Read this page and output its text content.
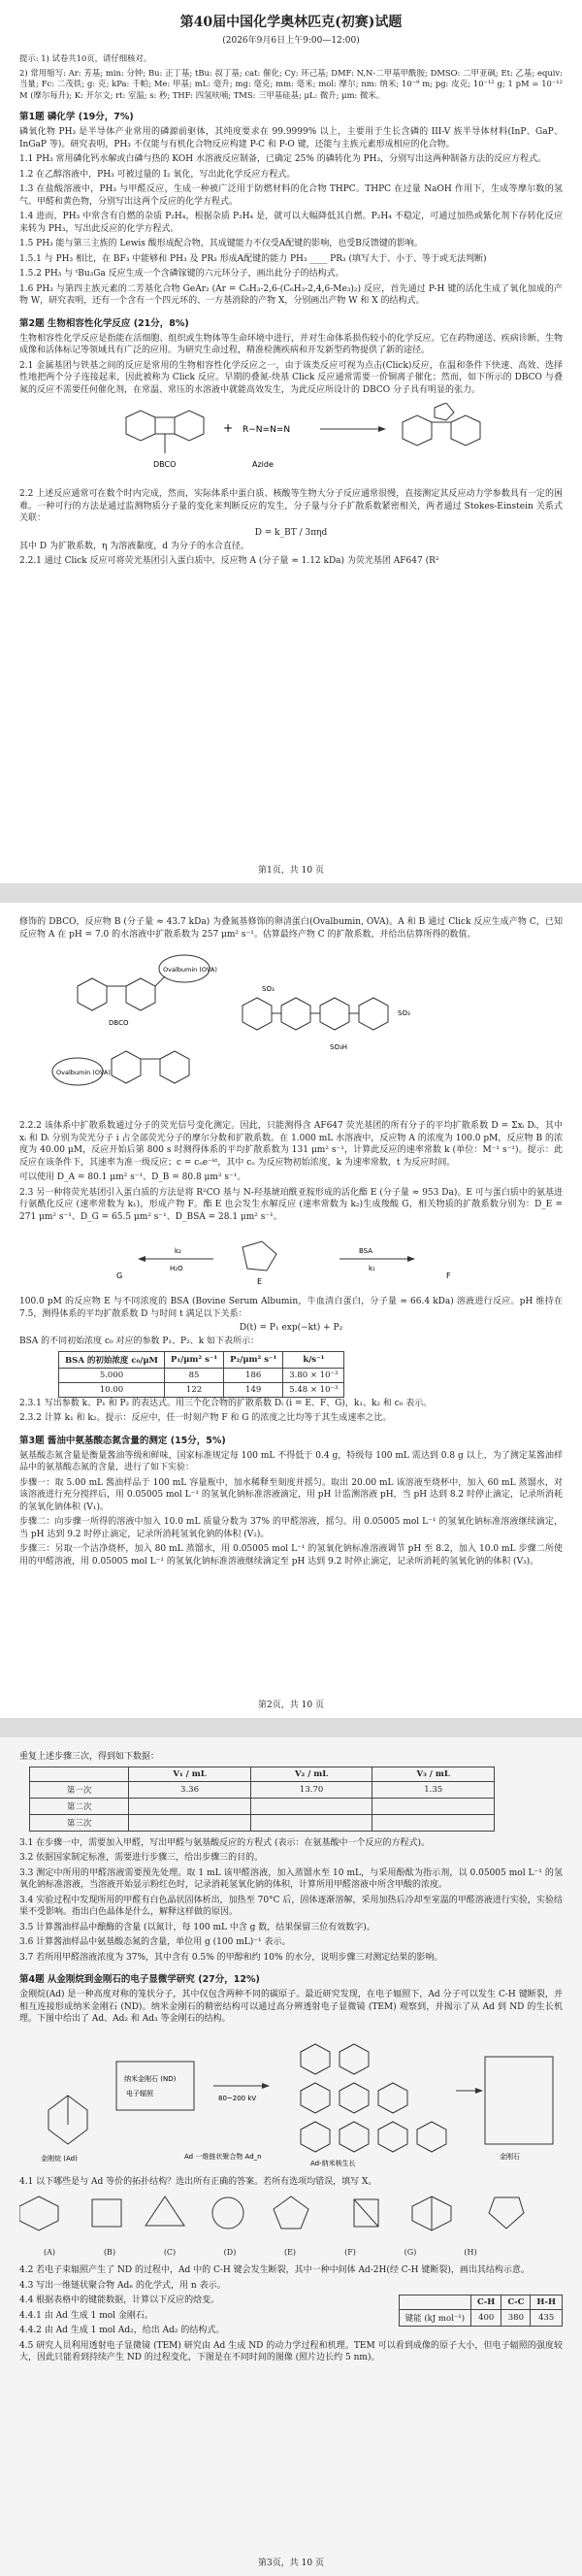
第40届中国化学奥林匹克(初赛)试题
(2026年9月6日上午9:00—12:00)
提示: 1) 试卷共10页，请仔细核对。
2) 常用缩写: Ar: 芳基; min: 分钟; Bu: 正丁基; tBu: 叔丁基; cat: 催化; Cy: 环己基; DMF: N,N-二甲基甲酰胺; DMSO: 二甲亚砜; Et: 乙基; equiv: 当量; Fc: 二茂铁; g: 克; kPa: 千帕; Me: 甲基; mL: 毫升; mg: 毫克; mm: 毫米; mol: 摩尔; nm: 纳米; 10⁻⁹ m; pg: 皮克; 10⁻¹² g; 1 pM = 10⁻¹² M (摩尔每升); K: 开尔文; rt: 室温; s: 秒; THF: 四氢呋喃; TMS: 三甲基硅基; μL: 微升; μm: 微米。
第1题 磷化学 (19分，7%)
磷氧化物 PH₃ 是半导体产业常用的磷源前驱体，其纯度要求在 99.9999% 以上，主要用于生长含磷的 III-V 族半导体材料(InP、GaP、InGaP 等)。研究表明，PH₃ 不仅能与有机化合物反应构建 P-C 和 P-O 键，还能与主族元素形成相应的化合物。
1.1 PH₃ 常用磷化钙水解或白磷与热的 KOH 水溶液反应制备，已确定 25% 的磷转化为 PH₃，分别写出这两种制备方法的反应方程式。
1.2 在乙醇溶液中，PH₃ 可被过量的 I₂ 氧化，写出此化学反应方程式。
1.3 在盐酸溶液中，PH₃ 与甲醛反应，生成一种被广泛用于防燃材料的化合物 THPC。THPC 在过量 NaOH 作用下，生成等摩尔数的氢气、甲醛和黄色物，分别写出这两个反应的化学方程式。
1.4 进而，PH₃ 中常含有自燃的杂质 P₂H₄，根据杂质 P₂H₄ 是，就可以大幅降低其自燃。P₂H₄ 不稳定，可通过加热或紫化剂下存转化反应来转为 PH₃，写出此反应的化学方程式。
1.5 PH₃ 能与第三主族的 Lewis 酸形成配合物，其成键能力不仅受A配键的影响，也受B反馈键的影响。
1.5.1 与 PH₃ 相比，在 BF₃ 中能够和 PH₃ 及 PR₃ 形成A配键的能力 PH₃ ____ PR₃ (填写大于、小于、等于或无法判断)
1.5.2 PH₃ 与 ᵗBu₃Ga 反应生成一个含磷镓键的六元环分子，画出此分子的结构式。
1.6 PH₃ 与第四主族元素的二芳基化合物 GeAr₂ (Ar = C₆H₃-2,6-(C₆H₃-2,4,6-Me₃)₂) 反应，首先通过 P-H 键的活化生成了氧化加成的产物 W，研究表明，还有一个含有一个四元环的、一方基消除的产物 X，分别画出产物 W 和 X 的结构式。
第2题 生物相容性化学反应 (21分，8%)
生物相容性化学反应是指能在活细胞、组织或生物体等生命环境中进行，并对生命体系损伤较小的化学反应。它在药物递送、疾病诊断、生物成像和活体标记等领域具有广泛的应用。为研究生命过程，精准检测疾病和开发新型药物提供了新的途径。
2.1 金属基团与铁基之间的反应是常用的生物相容性化学反应之一，由于该类反应可视为点击(Click)反应，在温和条件下快速、高效、选择性地把两个分子连接起来，因此被称为 Click 反应。早期的叠氮-炔基 Click 反应通常需要一价铜离子催化；然而，如下所示的 DBCO 与叠氮的反应不需要任何催化剂，在常温、常压的水溶液中就能高效发生，为此反应所设计的 DBCO 分子具有明显的张力。
DBCO
+ R−N=N=N
Azide
2.2 上述反应通常可在数个时内完成，然而，实际体系中蛋白质、核酸等生物大分子反应通常很慢，直接测定其反应动力学参数具有一定的困难。一种可行的方法是通过监测物质分子量的变化来判断反应的发生，分子量与分子扩散系数紧密相关，两者通过 Stokes-Einstein 关系式关联：
D = k_BT / 3πηd
其中 D 为扩散系数，η 为溶液黏度，d 为分子的水合直径。
2.2.1 通过 Click 反应可将荧光基团引入蛋白质中，反应物 A (分子量 ≈ 1.12 kDa) 为荧光基团 AF647 (R²
第1页，共 10 页
修饰的 DBCO，反应物 B (分子量 ≈ 43.7 kDa) 为叠氮基修饰的卵清蛋白(Ovalbumin, OVA)。A 和 B 通过 Click 反应生成产物 C，已知反应物 A 在 pH = 7.0 的水溶液中扩散系数为 257 μm² s⁻¹。估算最终产物 C 的扩散系数，并给出估算所得的数值。
Ovalbumin (OVA)
DBCO
Ovalbumin (OVA)
SO₃
SO₃
SO₃H
2.2.2 该体系中扩散系数通过分子的荧光信号变化测定。因此，只能测得含 AF647 荧光基团的所有分子的平均扩散系数 D = Σxᵢ Dᵢ，其中 xᵢ 和 Dᵢ 分别为荧光分子 i 占全部荧光分子的摩尔分数和扩散系数。在 1.000 mL 水溶液中，反应物 A 的浓度为 100.0 pM，反应物 B 的浓度为 40.00 μM，反应开始后第 800 s 时测得体系的平均扩散系数为 131 μm² s⁻¹，计算此反应的速率常数 k (单位：M⁻¹ s⁻¹)。提示：此反应在该条件下，其速率为准一级反应；c = cₒe⁻ᵏᵗ，其中 cₒ 为反应物初始浓度，k 为速率常数，t 为反应时间。
可以使用 D_A = 80.1 μm² s⁻¹、D_B = 80.8 μm² s⁻¹。
2.3 另一种将荧光基团引入蛋白质的方法是将 R²CO 基与 N-羟基琥珀酰亚胺形成的活化酯 E (分子量 ≈ 953 Da)。E 可与蛋白质中的氨基进行氨酰化反应 (速率常数为 k₁)，形成产物 F。酯 E 也会发生水解反应 (速率常数为 k₂)生成羧酸 G，相关物质的扩散系数分别为：D_E = 271 μm² s⁻¹、D_G = 65.5 μm² s⁻¹、D_BSA = 28.1 μm² s⁻¹。
G
k₂
H₂O
E
BSA
k₁
F
100.0 pM 的反应物 E 与不同浓度的 BSA (Bovine Serum Albumin，牛血清白蛋白，分子量 ≈ 66.4 kDa) 溶液进行反应。pH 维持在 7.5，测得体系的平均扩散系数 D 与时间 t 满足以下关系：
D(t) = P₁ exp(−kt) + P₂
BSA 的不同初始浓度 c₀ 对应的参数 P₁、P₂、k 如下表所示：
BSA 的初始浓度 c₀/μM	P₁/μm² s⁻¹	P₂/μm² s⁻¹	k/s⁻¹
5.000	85	186	3.80 × 10⁻³
10.00	122	149	5.48 × 10⁻³
2.3.1 写出参数 k、P₁ 和 P₂ 的表达式。用三个化合物的扩散系数 Dᵢ (i = E、F、G)，k₁、k₂ 和 c₀ 表示。
2.3.2 计算 k₁ 和 k₂。提示：反应中，任一时刻产物 F 和 G 的浓度之比均等于其生成速率之比。
第3题 酱油中氨基酸态氮含量的测定 (15分，5%)
氨基酸态氮含量是衡量酱油等级和鲜味，国家标准规定每 100 mL 不得低于 0.4 g，特级每 100 mL 需达到 0.8 g 以上，为了测定某酱油样品中的氨基酸态氮的含量，进行了如下实验：
步骤一：取 5.00 mL 酱油样品于 100 mL 容量瓶中，加水稀释至刻度并摇匀。取出 20.00 mL 该溶液至烧杯中，加入 60 mL 蒸馏水，对该溶液进行充分搅拌后，用 0.05005 mol L⁻¹ 的氢氧化钠标准溶液滴定，用 pH 计监测溶液 pH，当 pH 达到 8.2 时停止滴定，记录所消耗的氢氧化钠体积 (V₁)。
步骤二：向步骤一所得的溶液中加入 10.0 mL 质量分数为 37% 的甲醛溶液，摇匀。用 0.05005 mol L⁻¹ 的氢氧化钠标准溶液继续滴定，当 pH 达到 9.2 时停止滴定，记录所消耗氢氧化钠的体积 (V₂)。
步骤三：另取一个洁净烧杯，加入 80 mL 蒸馏水，用 0.05005 mol L⁻¹ 的氢氧化钠标准溶液调节 pH 至 8.2，加入 10.0 mL 步骤二所使用的甲醛溶液，用 0.05005 mol L⁻¹ 的氢氧化钠标准溶液继续滴定至 pH 达到 9.2 时停止滴定，记录所消耗的氢氧化钠的体积 (V₃)。
第2页，共 10 页
重复上述步骤三次，得到如下数据：
	V₁ / mL	V₂ / mL	V₃ / mL
第一次	3.36	13.70	1.35
第二次			
第三次			
3.1 在步骤一中，需要加入甲醛，写出甲醛与氨基酸反应的方程式 (表示：在氨基酸中一个反应的方程式)。
3.2 依据国家制定标准，需要进行步骤三，给出步骤三的目的。
3.3 测定中所用的甲醛溶液需要预先处理。取 1 mL 该甲醛溶液，加入蒸馏水至 10 mL，与采用酚酞为指示剂，以 0.05005 mol L⁻¹ 的氢氧化钠标准溶液，当溶液开始显示粉红色时，记录消耗氢氧化钠的体积，计算所用甲醛溶液中所含甲酸的浓度。
3.4 实验过程中发现所用的甲醛有白色晶状固体析出，加热至 70°C 后，固体逐渐溶解，采用加热后冷却至室温的甲醛溶液进行实验，实验结果不受影响。指出白色晶体是什么，解释这样做的原因。
3.5 计算酱油样品中酿酶的含量 (以氮计，每 100 mL 中含 g 数，结果保留三位有效数字)。
3.6 计算酱油样品中氨基酸态氮的含量，单位用 g (100 mL)⁻¹ 表示。
3.7 若所用甲醛溶液浓度为 37%，其中含有 0.5% 的甲醇和约 10% 的水分，说明步骤三对测定结果的影响。
第4题 从金刚烷到金刚石的电子显微学研究 (27分，12%)
金刚烷(Ad) 是一种高度对称的笼状分子，其中仅包含两种不同的碳原子。最近研究发现，在电子辐照下，Ad 分子可以发生 C-H 键断裂，并相互连接形成纳米金刚石 (ND)。纳米金刚石的精密结构可以通过高分辨透射电子显微镜 (TEM) 观察到，并揭示了从 Ad 到 ND 的生长机理。下图中给出了 Ad、Ad₂ 和 Ad₃ 等金刚石的结构。
金刚烷 (Ad)
纳米金刚石 (ND)
电子辐照
80~200 kV
Ad-纳米核生长
金刚石
Ad 一维链状聚合物 Ad_n
4.1 以下哪些是与 Ad 等价的拓扑结构？选出所有正确的答案。若所有选项均错误，填写 X。
(A)	(B)	(C)	(D)	(E)	(F)	(G)	(H)
4.2 若电子束辐照产生了 ND 的过程中，Ad 中的 C-H 键会发生断裂，其中一种中间体 Ad-2H(经 C-H 键断裂)，画出其结构示意。
4.3 写出一维链状聚合物 Adₙ 的化学式，用 n 表示。
4.4 根据表格中的键能数据，计算以下反应的焓变。
4.4.1 由 Ad 生成 1 mol 金刚石。
4.4.2 由 Ad 生成 1 mol Ad₂，给出 Ad₂ 的结构式。
	C-H	C-C	H-H
键能 (kJ mol⁻¹)	400	380	435
4.5 研究人员利用透射电子显微镜 (TEM) 研究由 Ad 生成 ND 的动力学过程和机理。TEM 可以看到成像的原子大小，但电子辐照的强度较大，因此只能看到持续产生 ND 的过程变化，下图是在不同时间的图像 (照片边长约 5 nm)。
第3页，共 10 页
